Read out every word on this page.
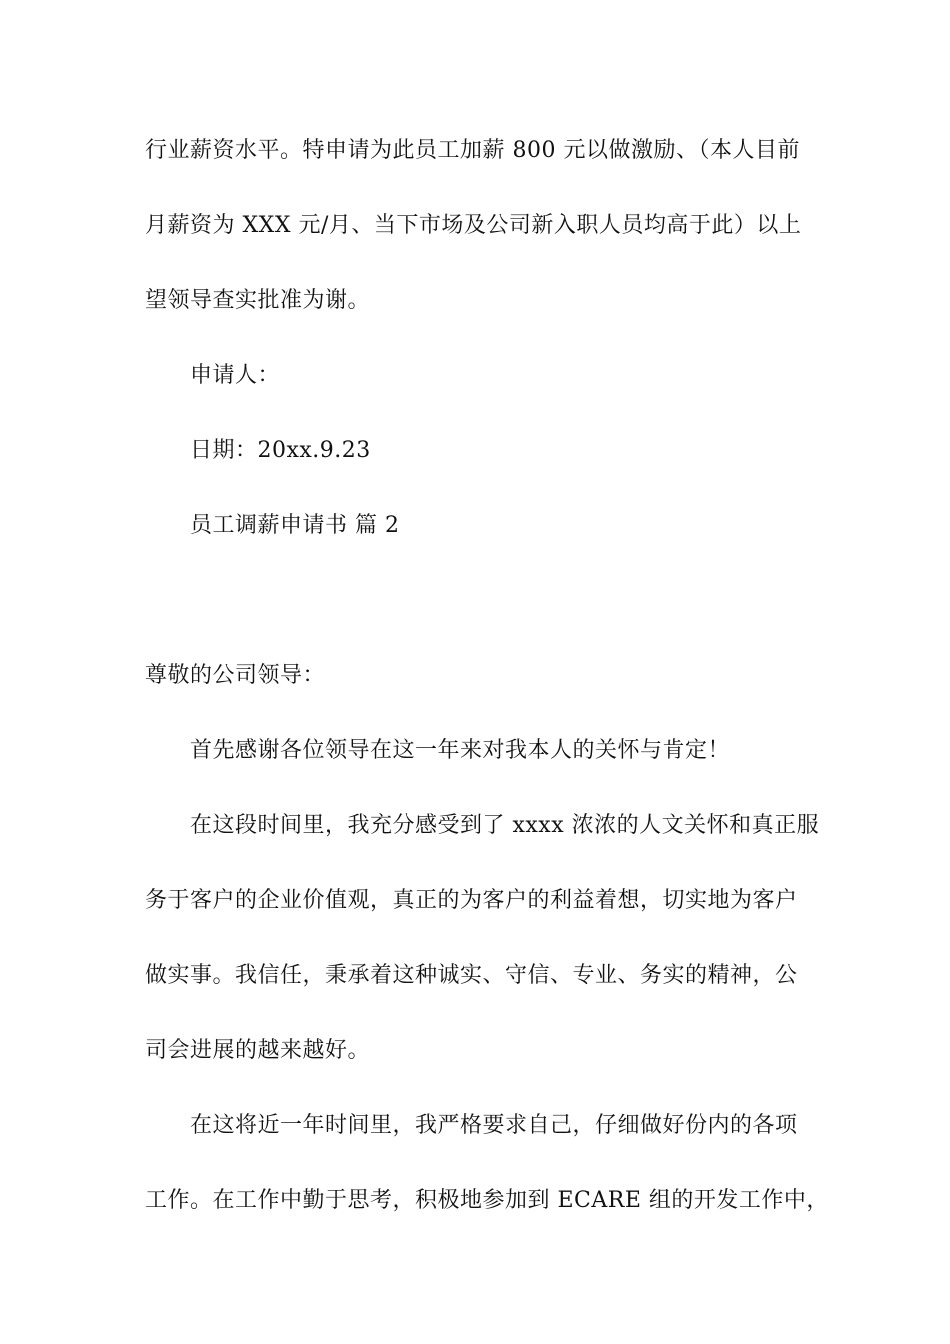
行业薪资水平。特申请为此员工加薪 800 元以做激励、（本人目前
月薪资为 XXX 元/月、当下市场及公司新入职人员均高于此）以上
望领导查实批准为谢。
申请人：
日期：20xx.9.23
员工调薪申请书 篇 2
尊敬的公司领导：
首先感谢各位领导在这一年来对我本人的关怀与肯定！
在这段时间里，我充分感受到了 xxxx 浓浓的人文关怀和真正服
务于客户的企业价值观，真正的为客户的利益着想，切实地为客户
做实事。我信任，秉承着这种诚实、守信、专业、务实的精神，公
司会进展的越来越好。
在这将近一年时间里，我严格要求自己，仔细做好份内的各项
工作。在工作中勤于思考，积极地参加到 ECARE 组的开发工作中，
